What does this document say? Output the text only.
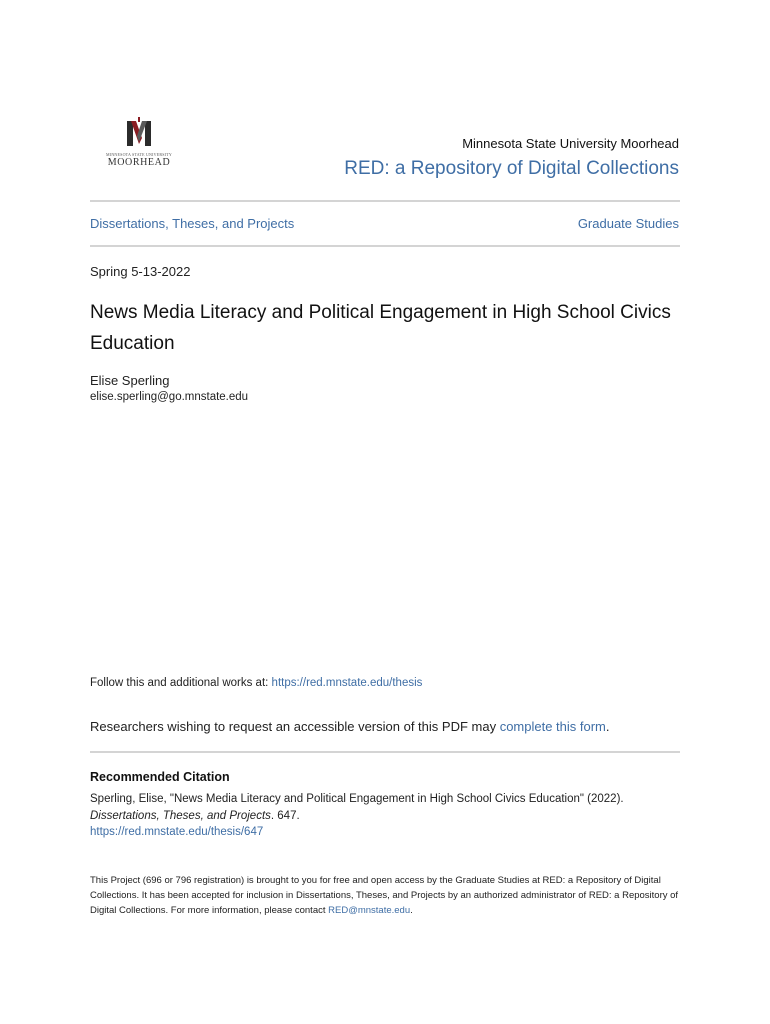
MINNESOTA STATE UNIVERSITY
MOORHEAD
Minnesota State University Moorhead
RED: a Repository of Digital Collections
Dissertations, Theses, and Projects	Graduate Studies
Spring 5-13-2022
News Media Literacy and Political Engagement in High School Civics Education
Elise Sperling
elise.sperling@go.mnstate.edu
Follow this and additional works at: https://red.mnstate.edu/thesis
Researchers wishing to request an accessible version of this PDF may complete this form.
Recommended Citation
Sperling, Elise, "News Media Literacy and Political Engagement in High School Civics Education" (2022).
Dissertations, Theses, and Projects. 647.
https://red.mnstate.edu/thesis/647
This Project (696 or 796 registration) is brought to you for free and open access by the Graduate Studies at RED: a Repository of Digital Collections. It has been accepted for inclusion in Dissertations, Theses, and Projects by an authorized administrator of RED: a Repository of Digital Collections. For more information, please contact RED@mnstate.edu.
